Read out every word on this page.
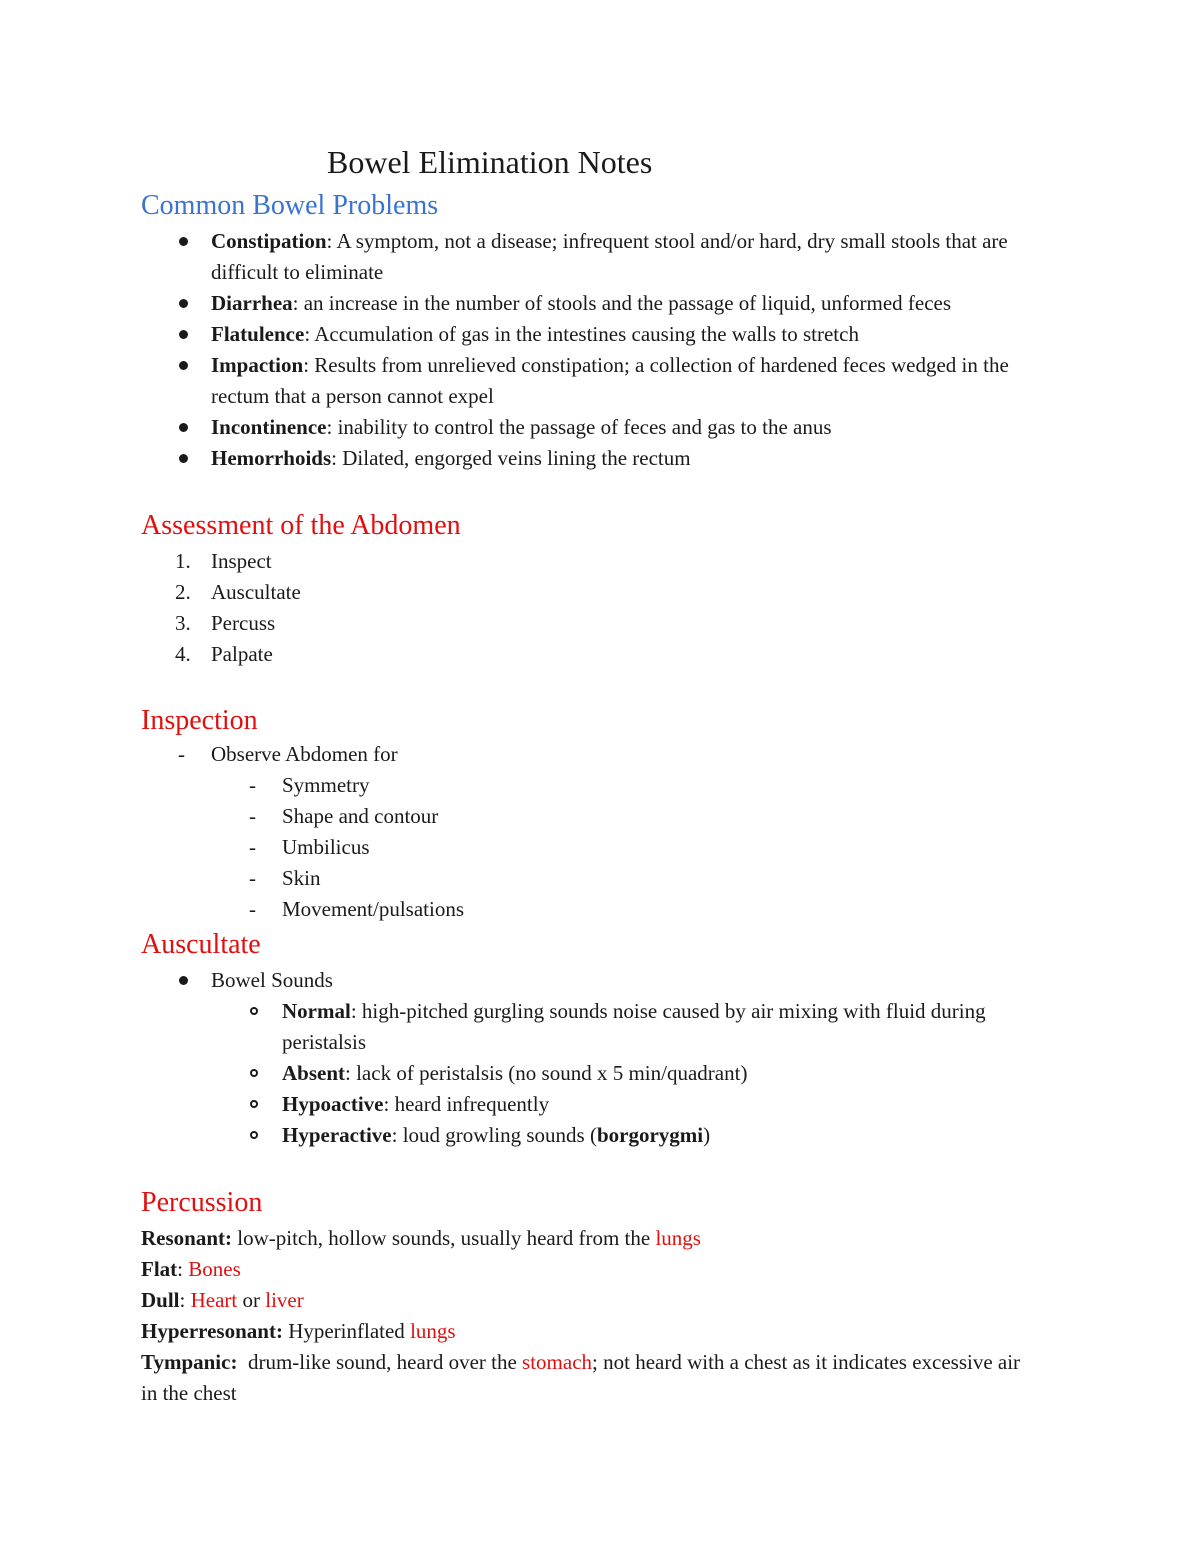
Bowel Elimination Notes
Common Bowel Problems
Constipation: A symptom, not a disease; infrequent stool and/or hard, dry small stools that are difficult to eliminate
Diarrhea: an increase in the number of stools and the passage of liquid, unformed feces
Flatulence: Accumulation of gas in the intestines causing the walls to stretch
Impaction: Results from unrelieved constipation; a collection of hardened feces wedged in the rectum that a person cannot expel
Incontinence: inability to control the passage of feces and gas to the anus
Hemorrhoids: Dilated, engorged veins lining the rectum
Assessment of the Abdomen
1. Inspect
2. Auscultate
3. Percuss
4. Palpate
Inspection
- Observe Abdomen for
- Symmetry
- Shape and contour
- Umbilicus
- Skin
- Movement/pulsations
Auscultate
Bowel Sounds
Normal: high-pitched gurgling sounds noise caused by air mixing with fluid during peristalsis
Absent: lack of peristalsis (no sound x 5 min/quadrant)
Hypoactive: heard infrequently
Hyperactive: loud growling sounds (borgorygmi)
Percussion

Resonant: low-pitch, hollow sounds, usually heard from the lungs

Flat: Bones

Dull: Heart or liver

Hyperresonant: Hyperinflated lungs

Tympanic:  drum-like sound, heard over the stomach; not heard with a chest as it indicates excessive air in the chest
